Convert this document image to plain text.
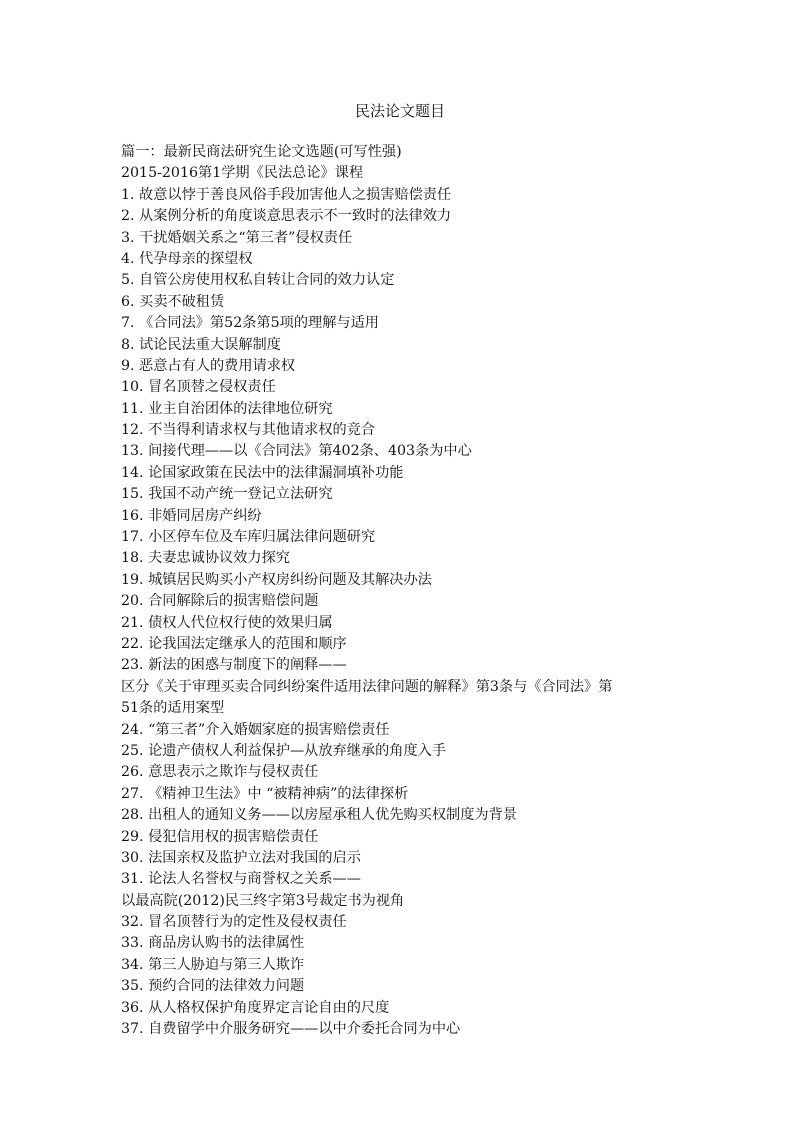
民法论文题目

篇一：最新民商法研究生论文选题(可写性强)

2015-2016第1学期《民法总论》课程

1. 故意以悖于善良风俗手段加害他人之损害赔偿责任

2. 从案例分析的角度谈意思表示不一致时的法律效力

3. 干扰婚姻关系之“第三者”侵权责任

4. 代孕母亲的探望权

5. 自管公房使用权私自转让合同的效力认定

6. 买卖不破租赁

7. 《合同法》第52条第5项的理解与适用

8. 试论民法重大误解制度

9. 恶意占有人的费用请求权

10. 冒名顶替之侵权责任

11. 业主自治团体的法律地位研究

12. 不当得利请求权与其他请求权的竞合

13. 间接代理——以《合同法》第402条、403条为中心

14. 论国家政策在民法中的法律漏洞填补功能

15. 我国不动产统一登记立法研究

16. 非婚同居房产纠纷

17. 小区停车位及车库归属法律问题研究

18. 夫妻忠诚协议效力探究

19. 城镇居民购买小产权房纠纷问题及其解决办法

20. 合同解除后的损害赔偿问题

21. 债权人代位权行使的效果归属

22. 论我国法定继承人的范围和顺序

23. 新法的困惑与制度下的阐释——

区分《关于审理买卖合同纠纷案件适用法律问题的解释》第3条与《合同法》第

51条的适用案型

24. “第三者”介入婚姻家庭的损害赔偿责任

25. 论遗产债权人利益保护—从放弃继承的角度入手

26. 意思表示之欺诈与侵权责任

27. 《精神卫生法》中 “被精神病”的法律探析

28. 出租人的通知义务——以房屋承租人优先购买权制度为背景

29. 侵犯信用权的损害赔偿责任

30. 法国亲权及监护立法对我国的启示

31. 论法人名誉权与商誉权之关系——

以最高院(2012)民三终字第3号裁定书为视角

32. 冒名顶替行为的定性及侵权责任

33. 商品房认购书的法律属性

34. 第三人胁迫与第三人欺诈

35. 预约合同的法律效力问题

36. 从人格权保护角度界定言论自由的尺度

37. 自费留学中介服务研究——以中介委托合同为中心
